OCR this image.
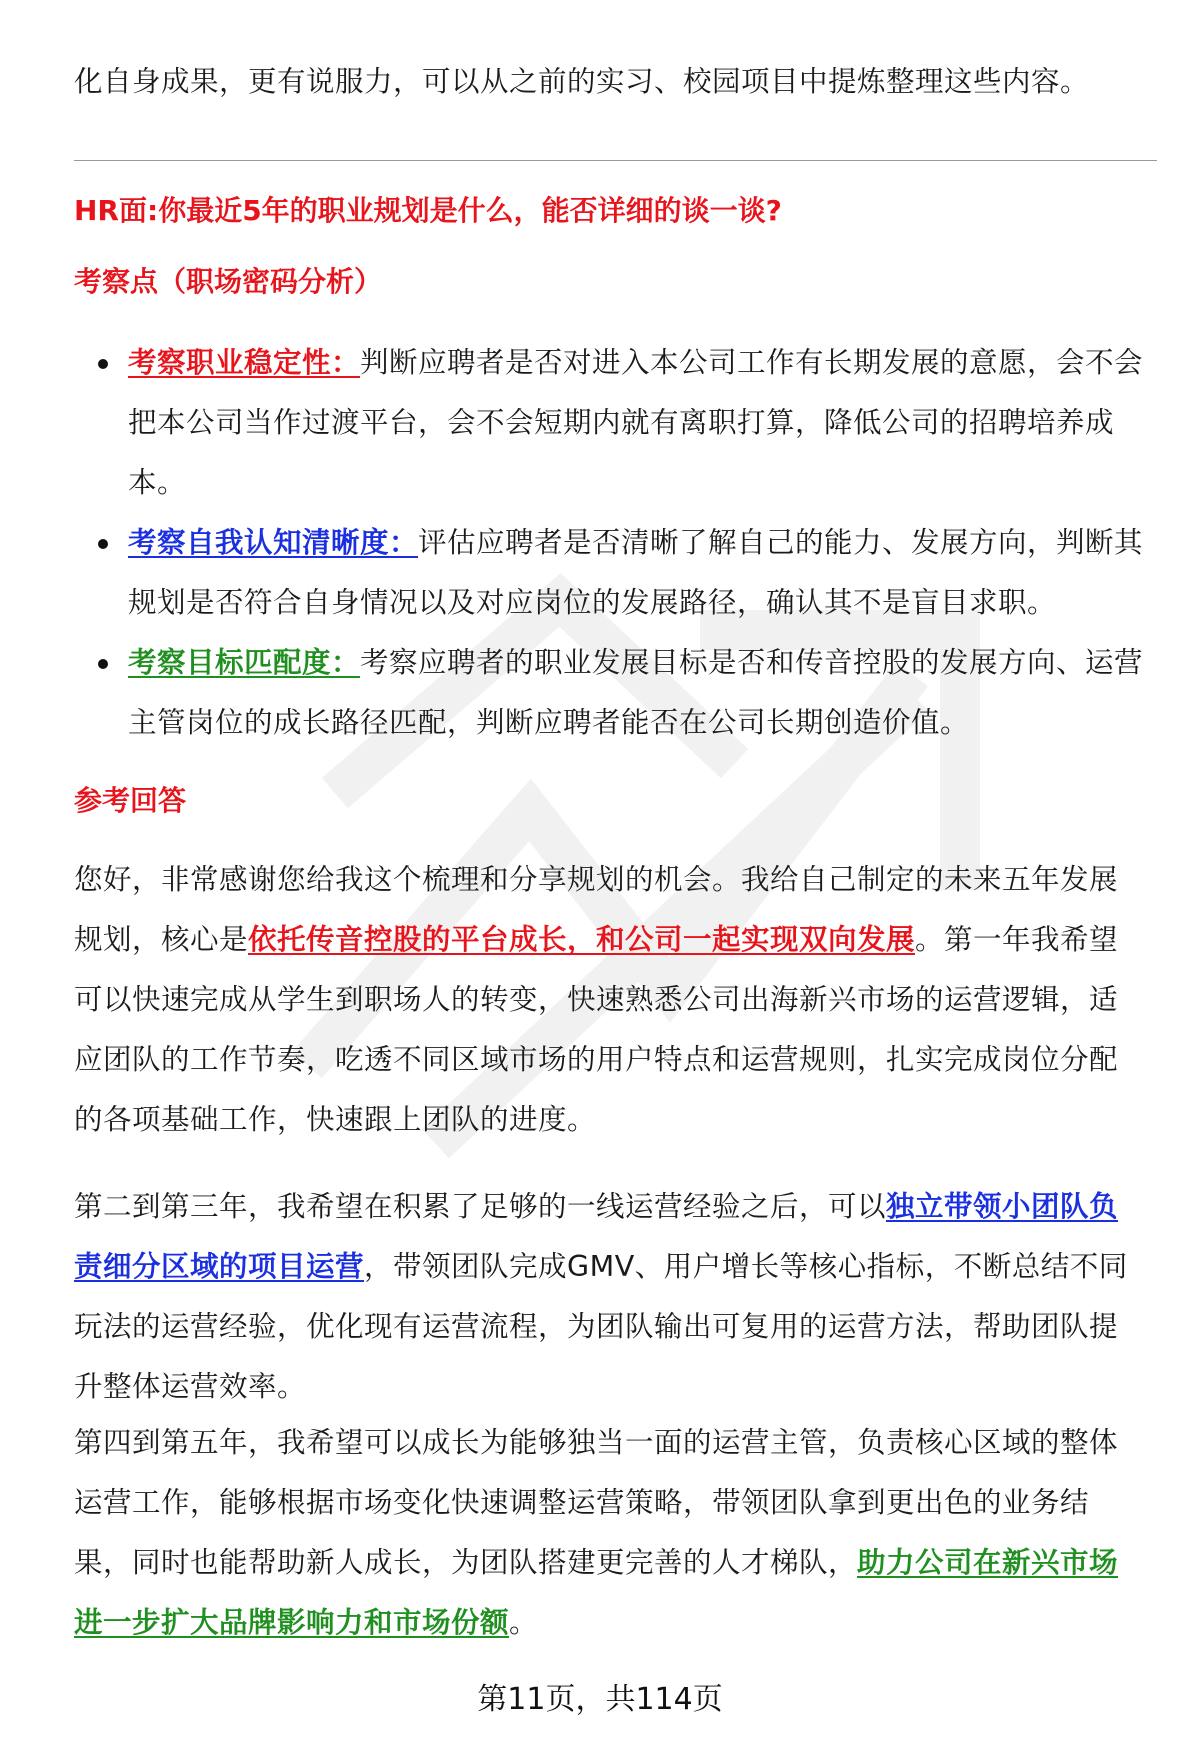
化自身成果，更有说服力，可以从之前的实习、校园项目中提炼整理这些内容。

HR面:你最近5年的职业规划是什么，能否详细的谈一谈?
考察点（职场密码分析）
考察职业稳定性：判断应聘者是否对进入本公司工作有长期发展的意愿，会不会把本公司当作过渡平台，会不会短期内就有离职打算，降低公司的招聘培养成本。
考察自我认知清晰度：评估应聘者是否清晰了解自己的能力、发展方向，判断其规划是否符合自身情况以及对应岗位的发展路径，确认其不是盲目求职。
考察目标匹配度：考察应聘者的职业发展目标是否和传音控股的发展方向、运营主管岗位的成长路径匹配，判断应聘者能否在公司长期创造价值。
参考回答

您好，非常感谢您给我这个梳理和分享规划的机会。我给自己制定的未来五年发展规划，核心是依托传音控股的平台成长，和公司一起实现双向发展。第一年我希望可以快速完成从学生到职场人的转变，快速熟悉公司出海新兴市场的运营逻辑，适应团队的工作节奏，吃透不同区域市场的用户特点和运营规则，扎实完成岗位分配的各项基础工作，快速跟上团队的进度。

第二到第三年，我希望在积累了足够的一线运营经验之后，可以独立带领小团队负责细分区域的项目运营，带领团队完成GMV、用户增长等核心指标，不断总结不同玩法的运营经验，优化现有运营流程，为团队输出可复用的运营方法，帮助团队提升整体运营效率。

第四到第五年，我希望可以成长为能够独当一面的运营主管，负责核心区域的整体运营工作，能够根据市场变化快速调整运营策略，带领团队拿到更出色的业务结果，同时也能帮助新人成长，为团队搭建更完善的人才梯队，助力公司在新兴市场进一步扩大品牌影响力和市场份额。

第11页，共114页
